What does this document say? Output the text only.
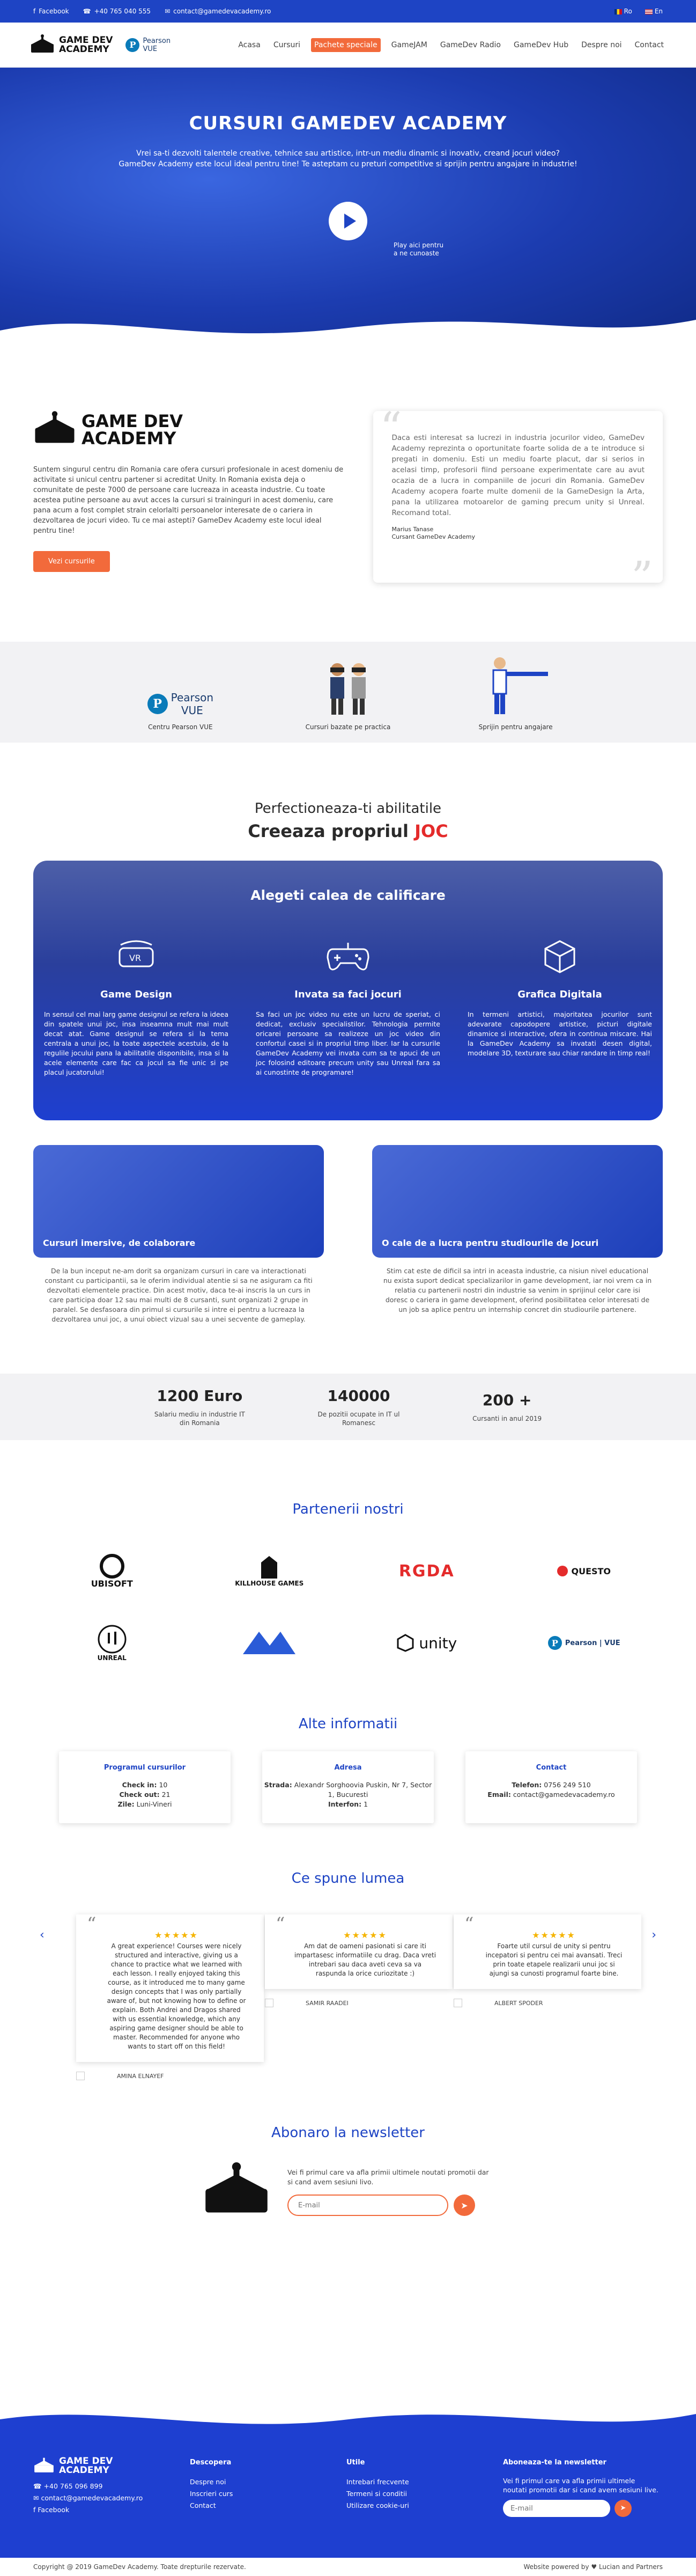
f Facebook ☎ +40 765 040 555 ✉ contact@gamedevacademy.ro	Ro	En
GAME DEV
ACADEMY	P Pearson
VUE	Acasa Cursuri	Pachete speciale	GameJAM GameDev Radio GameDev Hub Despre noi Contact
CURSURI GAMEDEV ACADEMY

Vrei sa-ti dezvolti talentele creative, tehnice sau artistice, intr-un mediu dinamic si inovativ, creand jocuri video?
GameDev Academy este locul ideal pentru tine! Te asteptam cu preturi competitive si sprijin pentru angajare in industrie!

Play aici pentru
a ne cunoaste
GAME DEV
ACADEMY

Suntem singurul centru din Romania care ofera cursuri profesionale in acest domeniu de activitate si unicul centru partener si acreditat Unity. In Romania exista deja o comunitate de peste 7000 de persoane care lucreaza in aceasta industrie. Cu toate acestea putine persoane au avut acces la cursuri si traininguri in acest domeniu, care pana acum a fost complet strain celorlalti persoanelor interesate de o cariera in dezvoltarea de jocuri video. Tu ce mai astepti? GameDev Academy este locul ideal pentru tine!

Vezi cursurile
“
Daca esti interesat sa lucrezi in industria jocurilor video, GameDev Academy reprezinta o oportunitate foarte solida de a te introduce si pregati in domeniu. Esti un mediu foarte placut, dar si serios in acelasi timp, profesorii fiind persoane experimentate care au avut ocazia de a lucra in companiile de jocuri din Romania. GameDev Academy acopera foarte multe domenii de la GameDesign la Arta, pana la utilizarea motoarelor de gaming precum unity si Unreal. Recomand total.
Marius Tanase
Cursant GameDev Academy
”
P Pearson
VUE
Centru Pearson VUE	Cursuri bazate pe practica	Sprijin pentru angajare
Perfectioneaza-ti abilitatile
Creeaza propriul JOC
Alegeti calea de calificare
VR
Game Design

In sensul cel mai larg game designul se refera la ideea din spatele unui joc, insa inseamna mult mai mult decat atat. Game designul se refera si la tema centrala a unui joc, la toate aspectele acestuia, de la regulile jocului pana la abilitatile disponibile, insa si la acele elemente care fac ca jocul sa fie unic si pe placul jucatorului!

Invata sa faci jocuri

Sa faci un joc video nu este un lucru de speriat, ci dedicat, exclusiv specialistilor. Tehnologia permite oricarei persoane sa realizeze un joc video din confortul casei si in propriul timp liber. Iar la cursurile GameDev Academy vei invata cum sa te apuci de un joc folosind editoare precum unity sau Unreal fara sa ai cunostinte de programare!

Grafica Digitala

In termeni artistici, majoritatea jocurilor sunt adevarate capodopere artistice, picturi digitale dinamice si interactive, ofera in continua miscare. Hai la GameDev Academy sa invatati desen digital, modelare 3D, texturare sau chiar randare in timp real!

Cursuri imersive, de colaborare

De la bun inceput ne-am dorit sa organizam cursuri in care va interactionati constant cu participantii, sa le oferim individual atentie si sa ne asiguram ca fiti dezvoltati elementele practice. Din acest motiv, daca te-ai inscris la un curs in care participa doar 12 sau mai multi de 8 cursanti, sunt organizati 2 grupe in paralel. Se desfasoara din primul si cursurile si intre ei pentru a lucreaza la dezvoltarea unui joc, a unui obiect vizual sau a unei secvente de gameplay.

O cale de a lucra pentru studiourile de jocuri

Stim cat este de dificil sa intri in aceasta industrie, ca nisiun nivel educational nu exista suport dedicat specializarilor in game development, iar noi vrem ca in relatia cu partenerii nostri din industrie sa venim in sprijinul celor care isi doresc o cariera in game development, oferind posibilitatea celor interesati de un job sa aplice pentru un internship concret din studiourile partenere.

1200 Euro
Salariu mediu in industrie IT
din Romania
140000
De pozitii ocupate in IT ul
Romanesc
200 +
Cursanti in anul 2019
Partenerii nostri
UBISOFT	KILLHOUSE GAMES
RGDA	QUESTO
UNREAL
unity	P Pearson | VUE
Alte informatii
Programul cursurilor
Check in: 10
Check out: 21
Zile: Luni-Vineri
Adresa
Strada: Alexandr Sorghoovia Puskin, Nr 7, Sector 1, Bucuresti
Interfon: 1
Contact
Telefon: 0756 249 510
Email: contact@gamedevacademy.ro
Ce spune lumea
‹
“
★★★★★
A great experience! Courses were nicely structured and interactive, giving us a chance to practice what we learned with each lesson. I really enjoyed taking this course, as it introduced me to many game design concepts that I was only partially aware of, but not knowing how to define or explain. Both Andrei and Dragos shared with us essential knowledge, which any aspiring game designer should be able to master. Recommended for anyone who wants to start off on this field!
AMINA ELNAYEF
“
★★★★★
Am dat de oameni pasionati si care iti impartasesc informatiile cu drag. Daca vreti intrebari sau daca aveti ceva sa va raspunda la orice curiozitate :)
SAMIR RAADEI
“
★★★★★
Foarte util cursul de unity si pentru incepatori si pentru cei mai avansati. Treci prin toate etapele realizarii unui joc si ajungi sa cunosti programul foarte bine.
ALBERT SPODER
›
Abonaro la newsletter
Vei fi primul care va afla primii ultimele noutati promotii dar si cand avem sesiuni livo.
E-mail
➤
GAME DEV
ACADEMY
☎ +40 765 096 899
✉ contact@gamedevacademy.ro
f Facebook
Descopera
Despre noi
Inscrieri curs
Contact
Utile
Intrebari frecvente
Termeni si conditii
Utilizare cookie-uri
Aboneaza-te la newsletter
Vei fi primul care va afla primii ultimele noutati promotii dar si cand avem sesiuni live.
E-mail
➤
Copyright @ 2019 GameDev Academy. Toate drepturile rezervate.	Website powered by ♥ Lucian and Partners
